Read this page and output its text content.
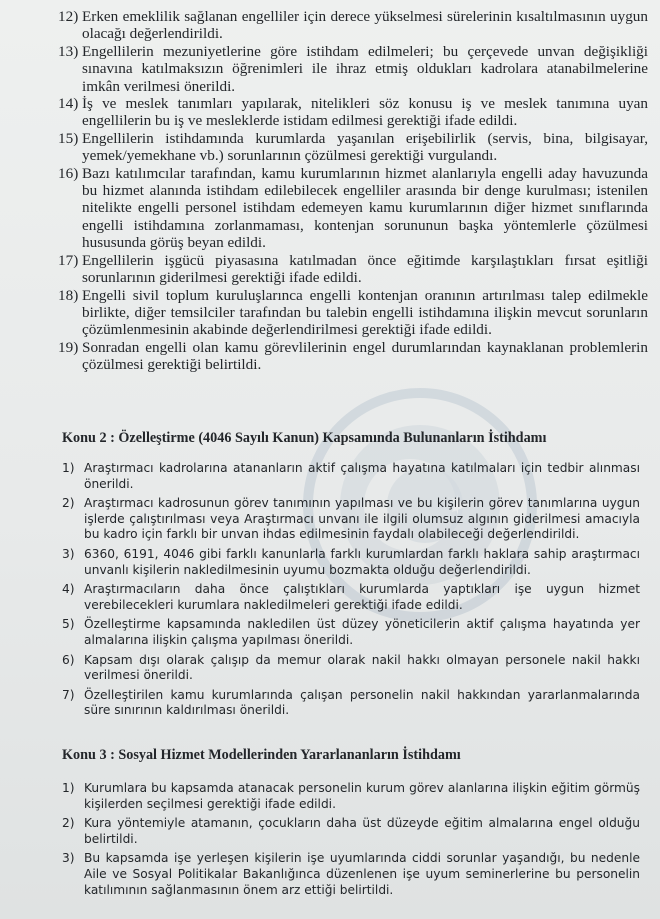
12) Erken emeklilik sağlanan engelliler için derece yükselmesi sürelerinin kısaltılmasının uygun olacağı değerlendirildi.
13) Engellilerin mezuniyetlerine göre istihdam edilmeleri; bu çerçevede unvan değişikliği sınavına katılmaksızın öğrenimleri ile ihraz etmiş oldukları kadrolara atanabilmelerine imkân verilmesi önerildi.
14) İş ve meslek tanımları yapılarak, nitelikleri söz konusu iş ve meslek tanımına uyan engellilerin bu iş ve mesleklerde istidam edilmesi gerektiği ifade edildi.
15) Engellilerin istihdamında kurumlarda yaşanılan erişebilirlik (servis, bina, bilgisayar, yemek/yemekhane vb.) sorunlarının çözülmesi gerektiği vurgulandı.
16) Bazı katılımcılar tarafından, kamu kurumlarının hizmet alanlarıyla engelli aday havuzunda bu hizmet alanında istihdam edilebilecek engelliler arasında bir denge kurulması; istenilen nitelikte engelli personel istihdam edemeyen kamu kurumlarının diğer hizmet sınıflarında engelli istihdamına zorlanmaması, kontenjan sorununun başka yöntemlerle çözülmesi hususunda görüş beyan edildi.
17) Engellilerin işgücü piyasasına katılmadan önce eğitimde karşılaştıkları fırsat eşitliği sorunlarının giderilmesi gerektiği ifade edildi.
18) Engelli sivil toplum kuruluşlarınca engelli kontenjan oranının artırılması talep edilmekle birlikte, diğer temsilciler tarafından bu talebin engelli istihdamına ilişkin mevcut sorunların çözümlenmesinin akabinde değerlendirilmesi gerektiği ifade edildi.
19) Sonradan engelli olan kamu görevlilerinin engel durumlarından kaynaklanan problemlerin çözülmesi gerektiği belirtildi.
Konu 2 : Özelleştirme (4046 Sayılı Kanun) Kapsamında Bulunanların İstihdamı
1) Araştırmacı kadrolarına atananların aktif çalışma hayatına katılmaları için tedbir alınması önerildi.
2) Araştırmacı kadrosunun görev tanımının yapılması ve bu kişilerin görev tanımlarına uygun işlerde çalıştırılması veya Araştırmacı unvanı ile ilgili olumsuz algının giderilmesi amacıyla bu kadro için farklı bir unvan ihdas edilmesinin faydalı olabileceği değerlendirildi.
3) 6360, 6191, 4046 gibi farklı kanunlarla farklı kurumlardan farklı haklara sahip araştırmacı unvanlı kişilerin nakledilmesinin uyumu bozmakta olduğu değerlendirildi.
4) Araştırmacıların daha önce çalıştıkları kurumlarda yaptıkları işe uygun hizmet verebilecekleri kurumlara nakledilmeleri gerektiği ifade edildi.
5) Özelleştirme kapsamında nakledilen üst düzey yöneticilerin aktif çalışma hayatında yer almalarına ilişkin çalışma yapılması önerildi.
6) Kapsam dışı olarak çalışıp da memur olarak nakil hakkı olmayan personele nakil hakkı verilmesi önerildi.
7) Özelleştirilen kamu kurumlarında çalışan personelin nakil hakkından yararlanmalarında süre sınırının kaldırılması önerildi.
Konu 3 : Sosyal Hizmet Modellerinden Yararlananların İstihdamı
1) Kurumlara bu kapsamda atanacak personelin kurum görev alanlarına ilişkin eğitim görmüş kişilerden seçilmesi gerektiği ifade edildi.
2) Kura yöntemiyle atamanın, çocukların daha üst düzeyde eğitim almalarına engel olduğu belirtildi.
3) Bu kapsamda işe yerleşen kişilerin işe uyumlarında ciddi sorunlar yaşandığı, bu nedenle Aile ve Sosyal Politikalar Bakanlığınca düzenlenen işe uyum seminerlerine bu personelin katılımının sağlanmasının önem arz ettiği belirtildi.
